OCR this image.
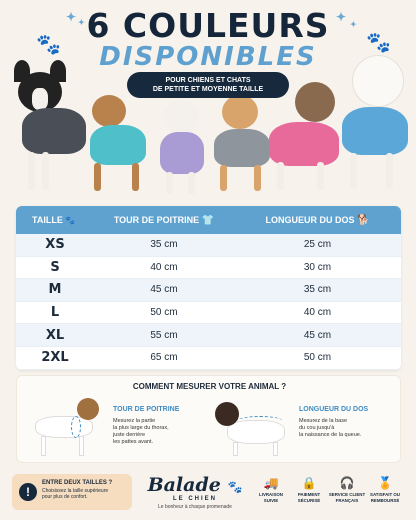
6 COULEURS
DISPONIBLES
✦ ✦	✦
✦
🐾	🐾
POUR CHIENS ET CHATS
DE PETITE ET MOYENNE TAILLE
TAILLE 🐾	TOUR DE POITRINE 👕	LONGUEUR DU DOS 🐕
XS	35 cm	25 cm
S	40 cm	30 cm
M	45 cm	35 cm
L	50 cm	40 cm
XL	55 cm	45 cm
2XL	65 cm	50 cm
COMMENT MESURER VOTRE ANIMAL ?
TOUR DE POITRINE
Mesurez la partie
la plus large du thorax,
juste derrière
les pattes avant.
LONGUEUR DU DOS
Mesurez de la base
du cou jusqu'à
la naissance de la queue.
!
ENTRE DEUX TAILLES ?
Choisissez la taille supérieure
pour plus de confort.
Balade 🐾
LE CHIEN
Le bonheur à chaque promenade
🚚
LIVRAISON
SUIVIE
🔒
PAIEMENT
SÉCURISÉ
🎧
SERVICE CLIENT
FRANÇAIS
🏅
SATISFAIT OU
REMBOURSÉ
